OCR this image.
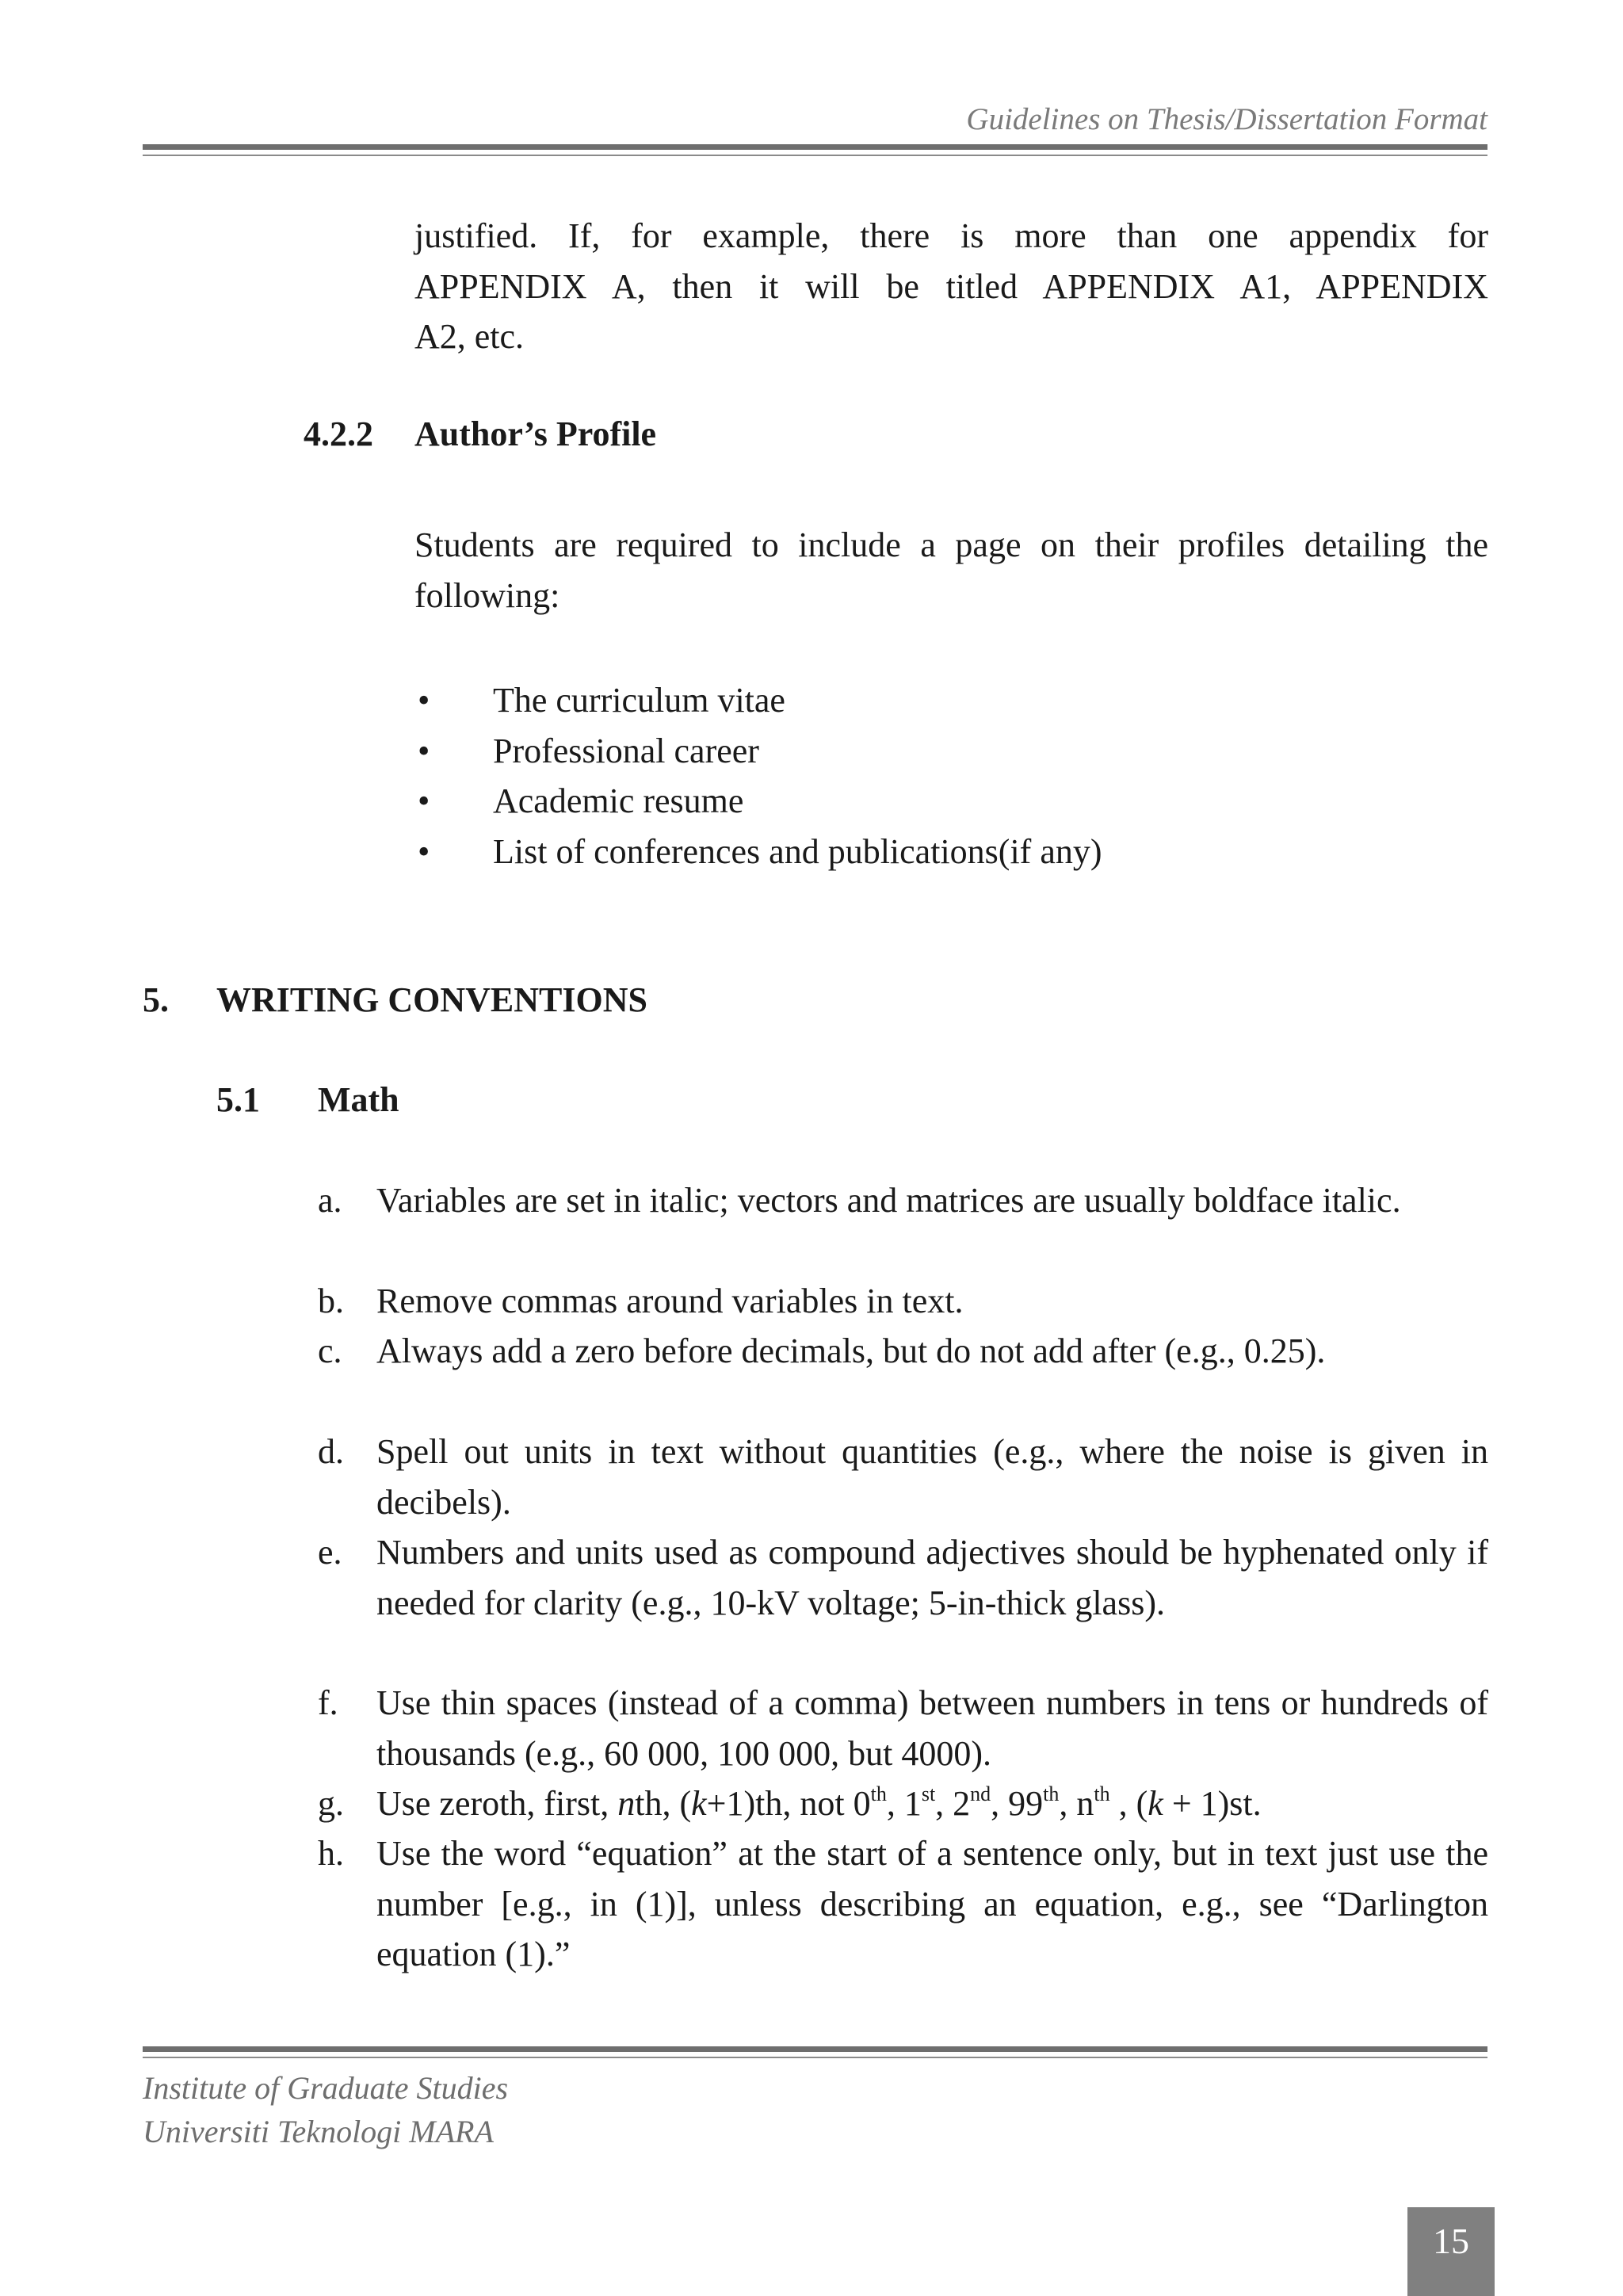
Guidelines on Thesis/Dissertation Format
justified. If, for example, there is more than one appendix for
APPENDIX A, then it will be titled APPENDIX A1, APPENDIX
A2, etc.
4.2.2 Author’s Profile
Students are required to include a page on their profiles detailing the
following:
• The curriculum vitae
• Professional career
• Academic resume
• List of conferences and publications(if any)
5. WRITING CONVENTIONS
5.1 Math
a. Variables are set in italic; vectors and matrices are usually boldface italic.
b. Remove commas around variables in text.
c. Always add a zero before decimals, but do not add after (e.g., 0.25).
d. Spell out units in text without quantities (e.g., where the noise is given in decibels).
e. Numbers and units used as compound adjectives should be hyphenated only if needed for clarity (e.g., 10-kV voltage; 5-in-thick glass).
f. Use thin spaces (instead of a comma) between numbers in tens or hundreds of thousands (e.g., 60 000, 100 000, but 4000).
g. Use zeroth, first, nth, (k+1)th, not 0th, 1st, 2nd, 99th, $n^{th}$ , (k + 1)st.
h. Use the word “equation” at the start of a sentence only, but in text just use the number [e.g., in (1)], unless describing an equation, e.g., see “Darlington equation (1).”
Institute of Graduate Studies
Universiti Teknologi MARA
15
